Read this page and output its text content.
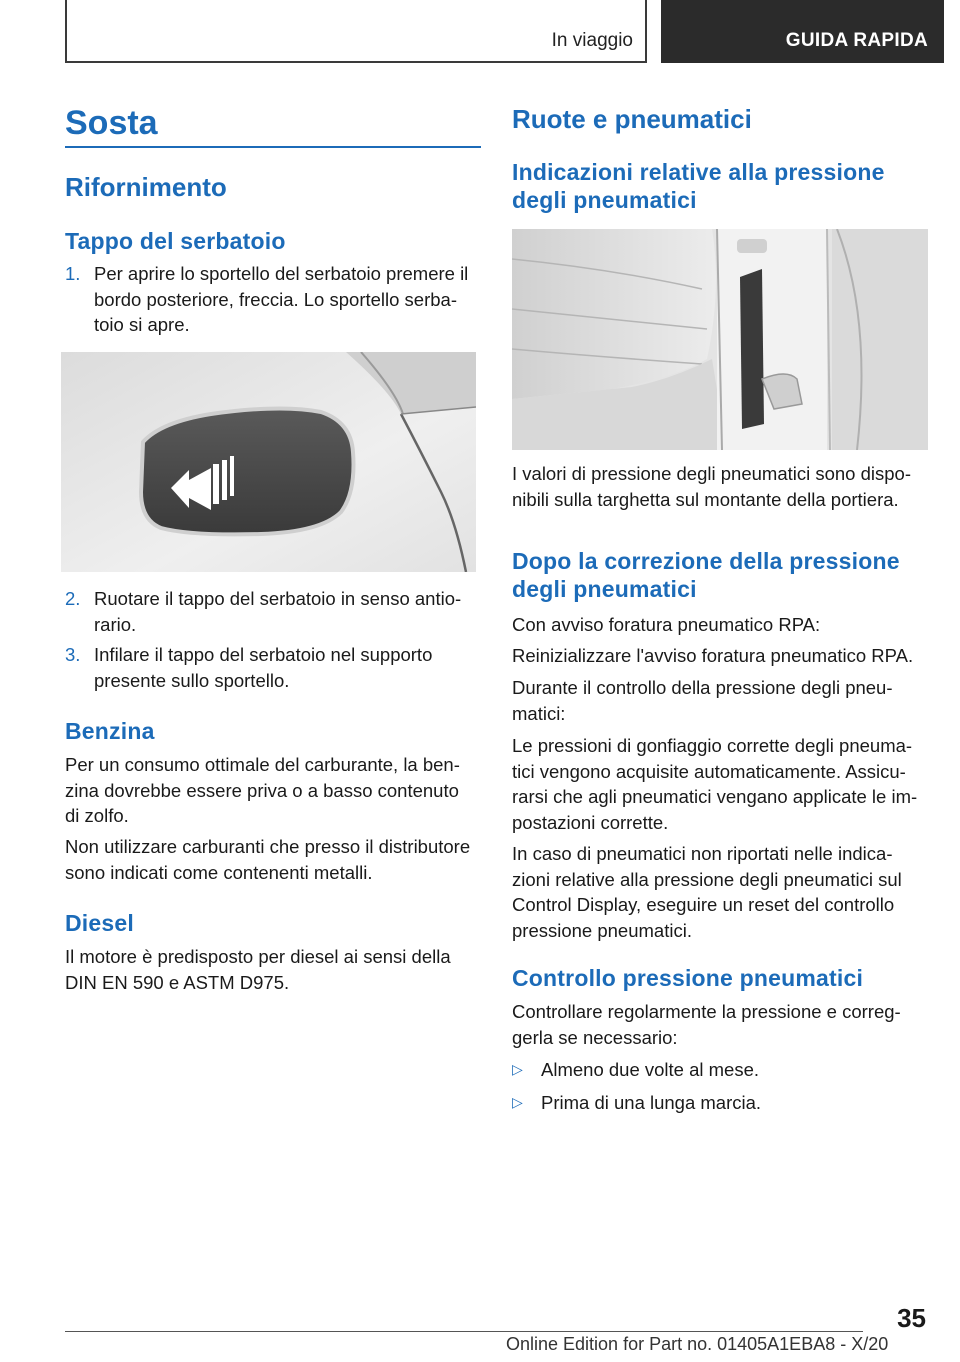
In viaggio	GUIDA RAPIDA
Sosta
Rifornimento
Tappo del serbatoio
1. Per aprire lo sportello del serbatoio premere il
bordo posteriore, freccia. Lo sportello serba‐
toio si apre.
2. Ruotare il tappo del serbatoio in senso antio‐
rario.
3. Infilare il tappo del serbatoio nel supporto
presente sullo sportello.
Benzina
Per un consumo ottimale del carburante, la ben‐
zina dovrebbe essere priva o a basso contenuto
di zolfo.
Non utilizzare carburanti che presso il distributore
sono indicati come contenenti metalli.
Diesel
Il motore è predisposto per diesel ai sensi della
DIN EN 590 e ASTM D975.
Ruote e pneumatici
Indicazioni relative alla pressione
degli pneumatici
I valori di pressione degli pneumatici sono dispo‐
nibili sulla targhetta sul montante della portiera.
Dopo la correzione della pressione
degli pneumatici
Con avviso foratura pneumatico RPA:
Reinizializzare l'avviso foratura pneumatico RPA.
Durante il controllo della pressione degli pneu‐
matici:
Le pressioni di gonfiaggio corrette degli pneuma‐
tici vengono acquisite automaticamente. Assicu‐
rarsi che agli pneumatici vengano applicate le im‐
postazioni corrette.
In caso di pneumatici non riportati nelle indica‐
zioni relative alla pressione degli pneumatici sul
Control Display, eseguire un reset del controllo
pressione pneumatici.
Controllo pressione pneumatici
Controllare regolarmente la pressione e correg‐
gerla se necessario:
▷ Almeno due volte al mese.
▷ Prima di una lunga marcia.
35
Online Edition for Part no. 01405A1EBA8 - X/20
